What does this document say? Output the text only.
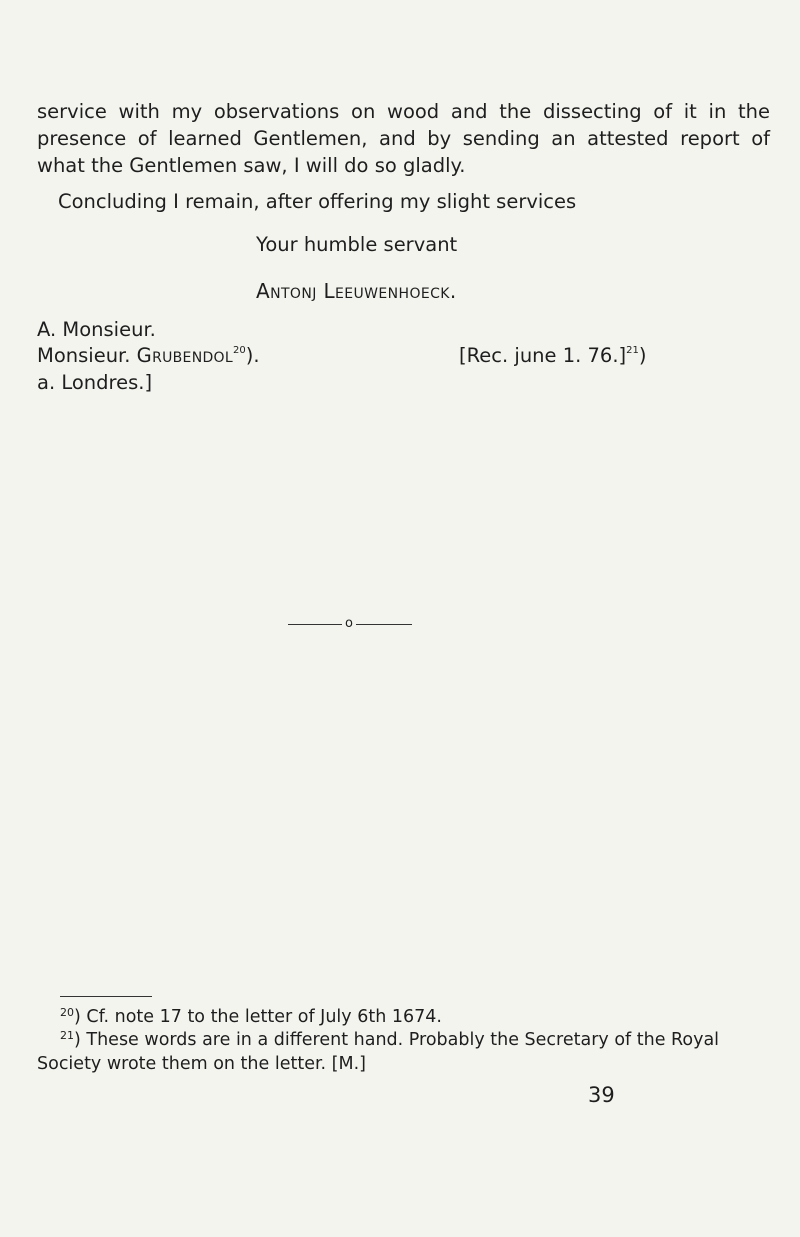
service with my observations on wood and the dissecting of it in the presence of learned Gentlemen, and by sending an attested report of what the Gentlemen saw, I will do so gladly.

Concluding I remain, after offering my slight services

Your humble servant
Antonj Leeuwenhoeck.
A. Monsieur.
Monsieur. Grubendol$^{20}$).
a. Londres.]
[Rec. june 1. 76.]$^{21}$)
o
$^{20}$) Cf. note 17 to the letter of July 6th 1674.
$^{21}$) These words are in a different hand. Probably the Secretary of the Royal Society wrote them on the letter. [M.]
39
